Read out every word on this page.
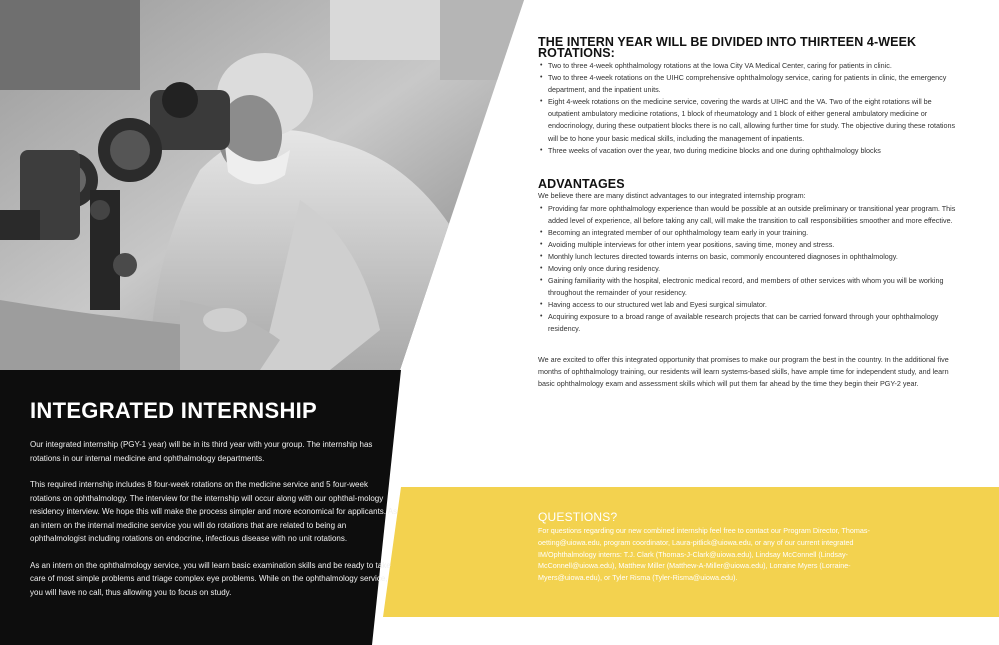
INTEGRATED INTERNSHIP

Our integrated internship (PGY-1 year) will be in its third year with your group. The internship has rotations in our internal medicine and ophthalmology departments.

This required internship includes 8 four-week rotations on the medicine service and 5 four-week rotations on ophthalmology. The interview for the internship will occur along with our ophthal-mology residency interview. We hope this will make the process simpler and more economical for applicants. As an intern on the internal medicine service you will do rotations that are related to being an ophthalmologist including rotations on endocrine, infectious disease with no unit rotations.

As an intern on the ophthalmology service, you will learn basic examination skills and be ready to take care of most simple problems and triage complex eye problems. While on the ophthalmology service, you will have no call, thus allowing you to focus on study.

THE INTERN YEAR WILL BE DIVIDED INTO THIRTEEN 4-WEEK ROTATIONS:
• Two to three 4-week ophthalmology rotations at the Iowa City VA Medical Center, caring for patients in clinic.
• Two to three 4-week rotations on the UIHC comprehensive ophthalmology service, caring for patients in clinic, the emergency department, and the inpatient units.
• Eight 4-week rotations on the medicine service, covering the wards at UIHC and the VA. Two of the eight rotations will be outpatient ambulatory medicine rotations, 1 block of rheumatology and 1 block of either general ambulatory medicine or endocrinology, during these outpatient blocks there is no call, allowing further time for study. The objective during these rotations will be to hone your basic medical skills, including the management of inpatients.
• Three weeks of vacation over the year, two during medicine blocks and one during ophthalmology blocks
ADVANTAGES

We believe there are many distinct advantages to our integrated internship program:

• Providing far more ophthalmology experience than would be possible at an outside preliminary or transitional year program. This added level of experience, all before taking any call, will make the transition to call responsibilities smoother and more effective.
• Becoming an integrated member of our ophthalmology team early in your training.
• Avoiding multiple interviews for other intern year positions, saving time, money and stress.
• Monthly lunch lectures directed towards interns on basic, commonly encountered diagnoses in ophthalmology.
• Moving only once during residency.
• Gaining familiarity with the hospital, electronic medical record, and members of other services with whom you will be working throughout the remainder of your residency.
• Having access to our structured wet lab and Eyesi surgical simulator.
• Acquiring exposure to a broad range of available research projects that can be carried forward through your ophthalmology residency.

We are excited to offer this integrated opportunity that promises to make our program the best in the country. In the additional five months of ophthalmology training, our residents will learn systems-based skills, have ample time for independent study, and learn basic ophthalmology exam and assessment skills which will put them far ahead by the time they begin their PGY-2 year.

QUESTIONS?
For questions regarding our new combined internship feel free to contact our Program Director, Thomas-oetting@uiowa.edu, program coordinator, Laura-pitlick@uiowa.edu, or any of our current integrated IM/Ophthalmology interns: T.J. Clark (Thomas-J-Clark@uiowa.edu), Lindsay McConnell (Lindsay-McConnell@uiowa.edu), Matthew Miller (Matthew-A-Miller@uiowa.edu), Lorraine Myers (Lorraine-Myers@uiowa.edu), or Tyler Risma (Tyler-Risma@uiowa.edu).
